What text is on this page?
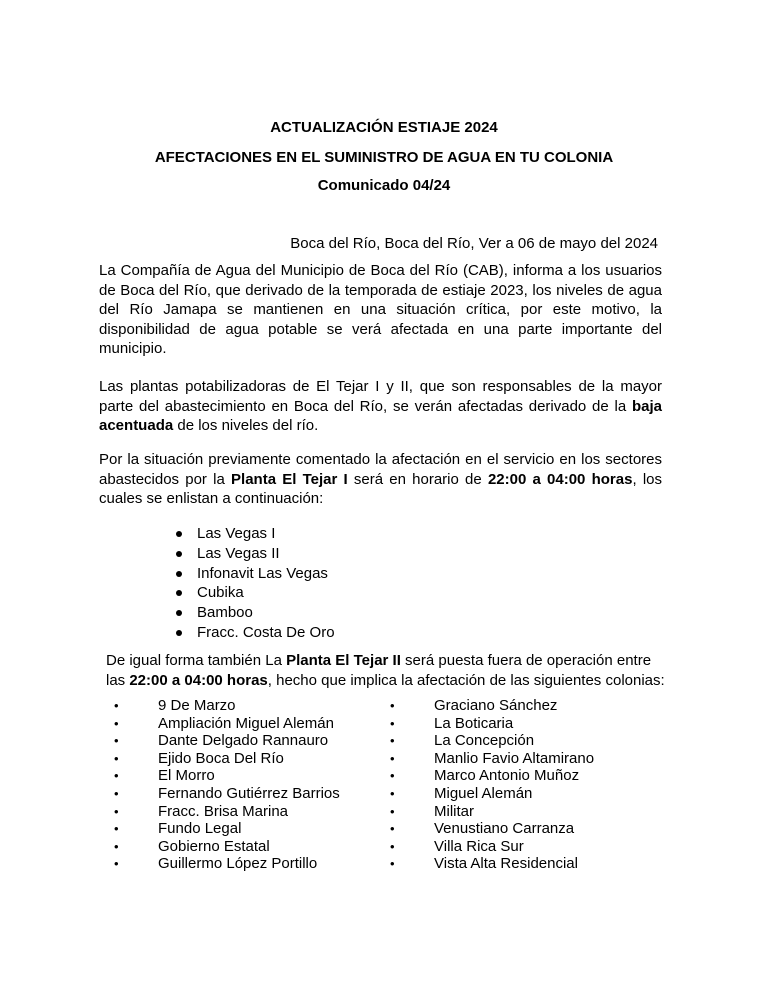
ACTUALIZACIÓN ESTIAJE 2024
AFECTACIONES EN EL SUMINISTRO DE AGUA EN TU COLONIA
Comunicado 04/24
Boca del Río, Boca del Río, Ver a 06 de mayo del 2024

La Compañía de Agua del Municipio de Boca del Río (CAB), informa a los usuarios de Boca del Río, que derivado de la temporada de estiaje 2023, los niveles de agua del Río Jamapa se mantienen en una situación crítica, por este motivo, la disponibilidad de agua potable se verá afectada en una parte importante del municipio.

Las plantas potabilizadoras de El Tejar I y II, que son responsables de la mayor parte del abastecimiento en Boca del Río, se verán afectadas derivado de la baja acentuada de los niveles del río.

Por la situación previamente comentado la afectación en el servicio en los sectores abastecidos por la Planta El Tejar I será en horario de 22:00 a 04:00 horas, los cuales se enlistan a continuación:

Las Vegas I
Las Vegas II
Infonavit Las Vegas
Cubika
Bamboo
Fracc. Costa De Oro

De igual forma también La Planta El Tejar II será puesta fuera de operación entre las 22:00 a 04:00 horas, hecho que implica la afectación de las siguientes colonias:

• 9 De Marzo
• Ampliación Miguel Alemán
• Dante Delgado Rannauro
• Ejido Boca Del Río
• El Morro
• Fernando Gutiérrez Barrios
• Fracc. Brisa Marina
• Fundo Legal
• Gobierno Estatal
• Guillermo López Portillo
• Graciano Sánchez
• La Boticaria
• La Concepción
• Manlio Favio Altamirano
• Marco Antonio Muñoz
• Miguel Alemán
• Militar
• Venustiano Carranza
• Villa Rica Sur
• Vista Alta Residencial
